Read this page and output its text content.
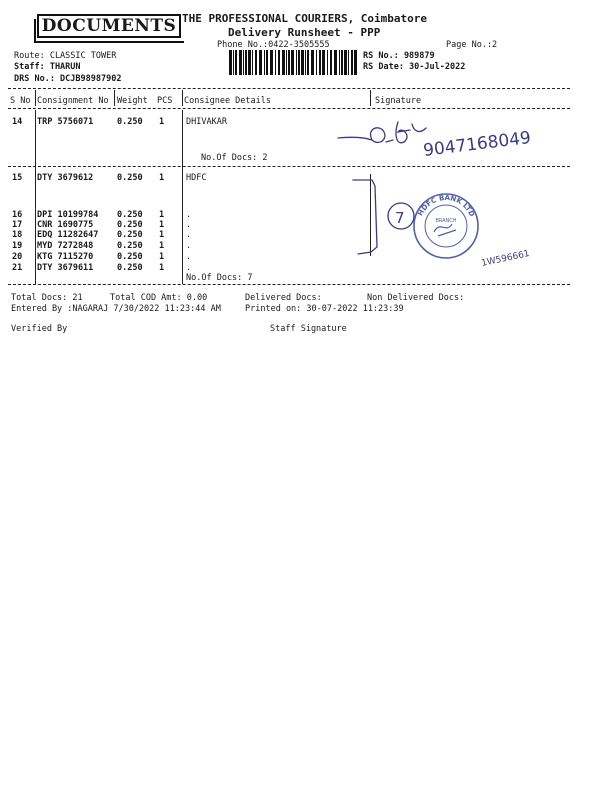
DOCUMENTS THE PROFESSIONAL COURIERS, Coimbatore
Delivery Runsheet - PPP
Phone No.:0422-3505555	Page No.:2
Route: CLASSIC TOWER
Staff: THARUN
DRS No.: DCJB98987902
RS No.: 989879
RS Date: 30-Jul-2022
S No Consignment No Weight PCS Consignee Details	Signature
14 TRP 5756071	0.250 1	DHIVAKAR
No.Of Docs: 2
15 DTY 3679612	0.250 1	HDFC
16 DPI 10199784 0.250 1	.
17 CNR 1690775	0.250 1	.
18 EDQ 11282647 0.250 1	.
19 MYD 7272848	0.250 1	.
20 KTG 7115270	0.250 1	.
21 DTY 3679611	0.250 1	.
No.Of Docs: 7
9047168049
7
1W596661
HDFC BANK LTD
BRANCH
Total Docs: 21	Total COD Amt: 0.00	Delivered Docs:	Non Delivered Docs:
Entered By :NAGARAJ 7/30/2022 11:23:44 AM	Printed on: 30-07-2022 11:23:39
Verified By	Staff Signature
